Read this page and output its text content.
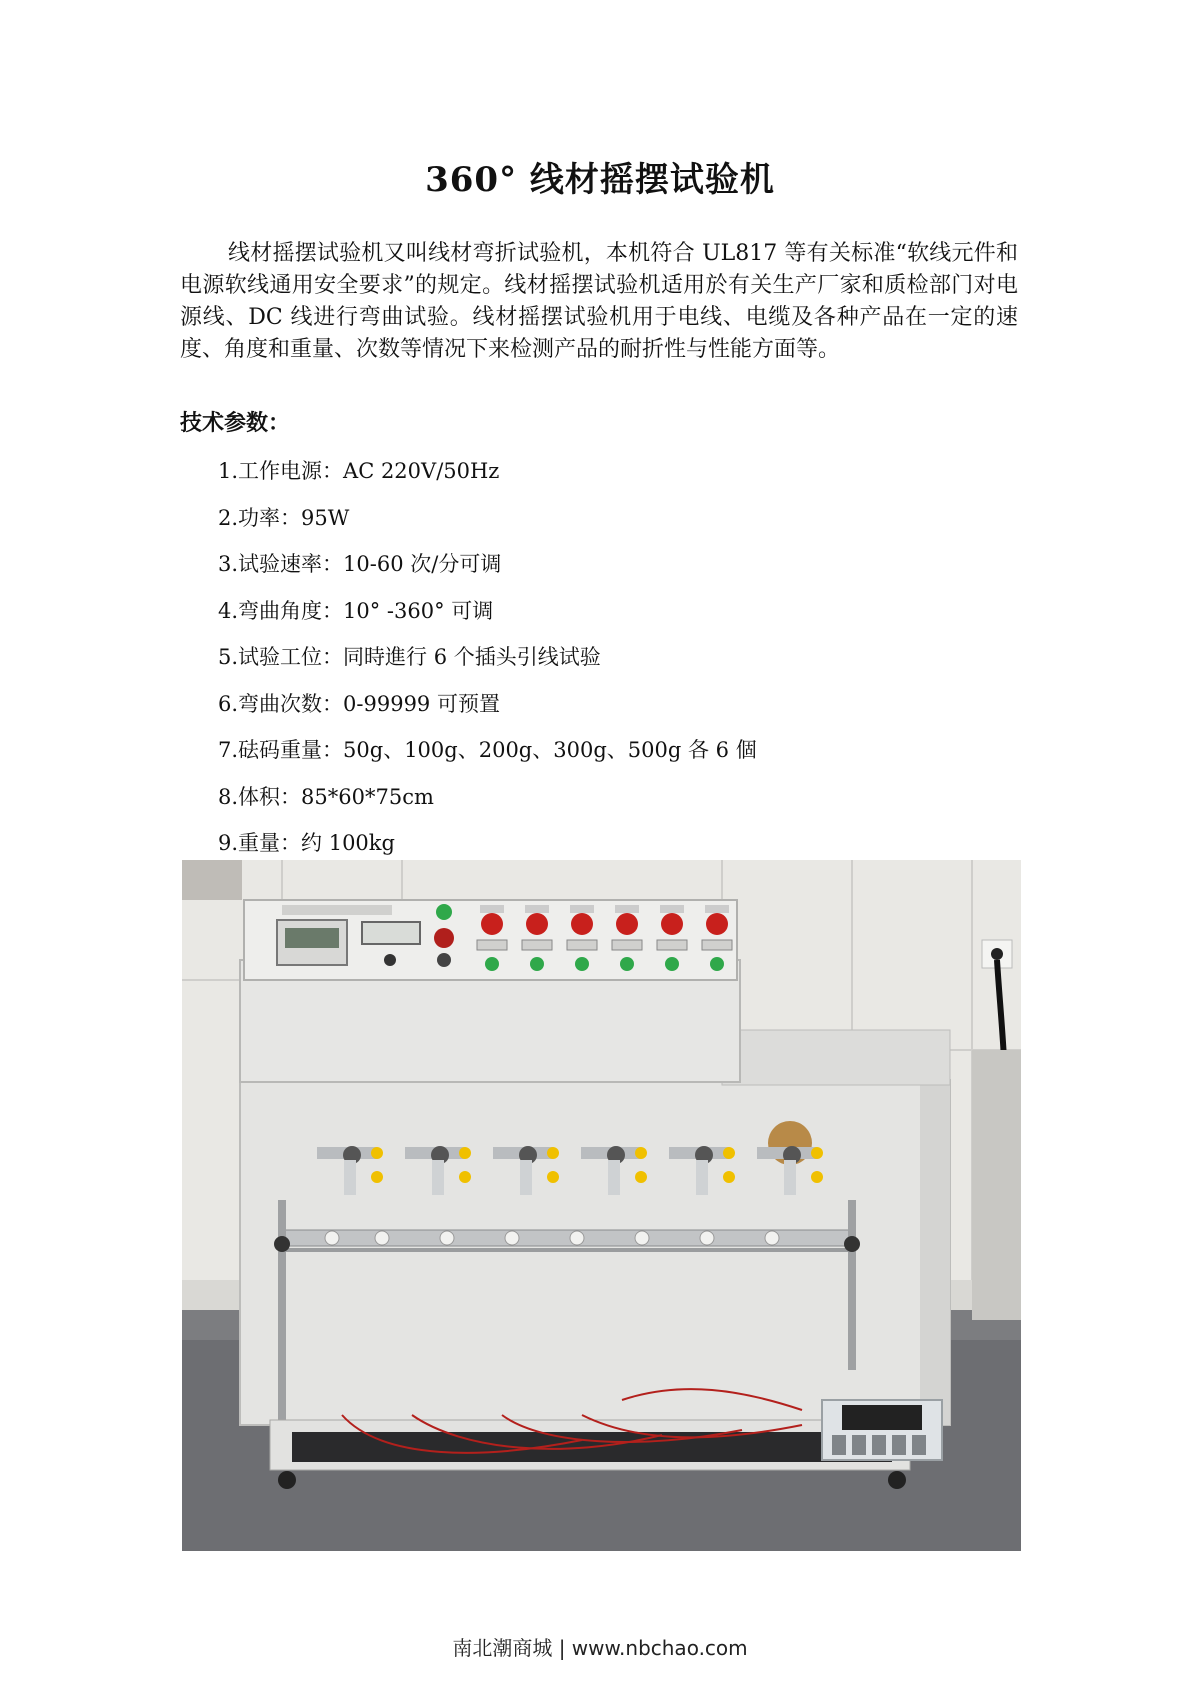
360° 线材摇摆试验机

线材摇摆试验机又叫线材弯折试验机，本机符合 UL817 等有关标准“软线元件和电源软线通用安全要求”的规定。线材摇摆试验机适用於有关生产厂家和质检部门对电源线、DC 线进行弯曲试验。线材摇摆试验机用于电线、电缆及各种产品在一定的速度、角度和重量、次数等情况下来检测产品的耐折性与性能方面等。

技术参数：
1.工作电源：AC 220V/50Hz
2.功率：95W
3.试验速率：10-60 次/分可调
4.弯曲角度：10° -360° 可调
5.试验工位：同時進行 6 个插头引线试验
6.弯曲次数：0-99999 可预置
7.砝码重量：50g、100g、200g、300g、500g 各 6 個
8.体积：85*60*75cm
9.重量：约 100kg
南北潮商城 | www.nbchao.com
